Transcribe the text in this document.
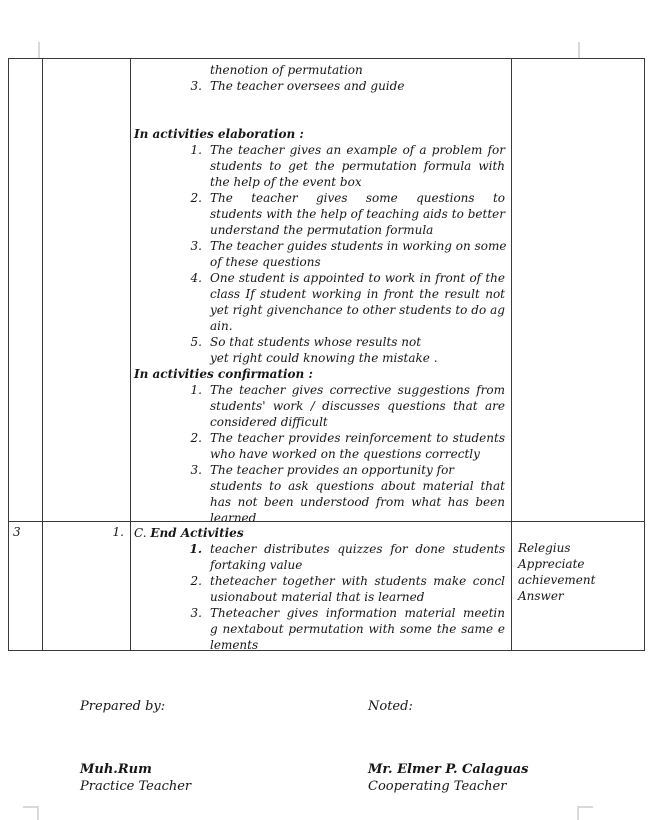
thenotion of permutation
3. The teacher oversees and guide
In activities elaboration :
1. The teacher gives an example of a problem for
students to get the permutation formula with
the help of the event box
2. The teacher gives some questions to
students with the help of teaching aids to better
understand the permutation formula
3. The teacher guides students in working on some
of these questions
4. One student is appointed to work in front of the
class If student working in front the result not
yet right givenchance to other students to do ag
ain.
5. So that students whose results not
yet right could knowing the mistake .
In activities confirmation :
1. The teacher gives corrective suggestions from
students' work / discusses questions that are
considered difficult
2. The teacher provides reinforcement to students
who have worked on the questions correctly
3. The teacher provides an opportunity for
students to ask questions about material that
has not been understood from what has been
learned
3	1. C. End Activities
1. teacher distributes quizzes for done students
fortaking value
2. theteacher together with students make concl
usionabout material that is learned
3. Theteacher gives information material meetin
g nextabout permutation with some the same e
lements
Relegius
Appreciate
achievement
Answer
Prepared by:	Noted:
Muh.Rum
Practice Teacher
Mr. Elmer P. Calaguas
Cooperating Teacher
